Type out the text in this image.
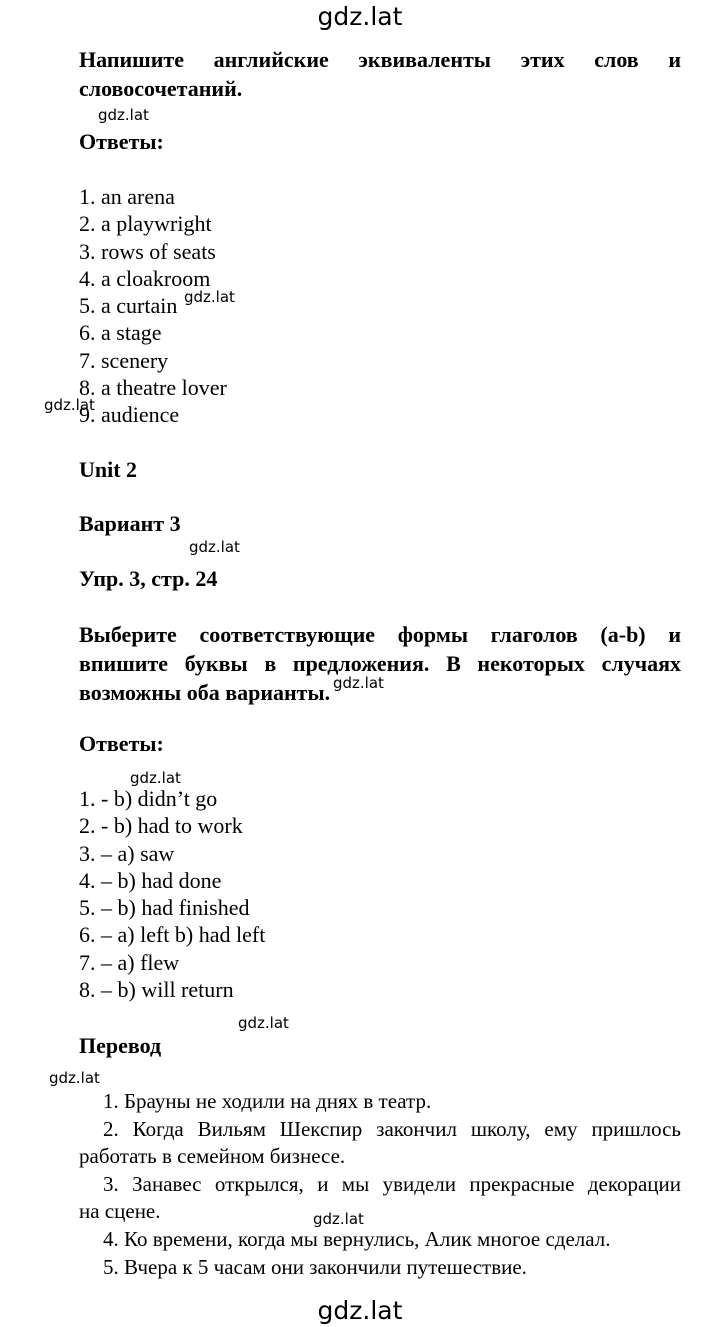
gdz.lat
gdz.lat
gdz.lat
gdz.lat
gdz.lat
gdz.lat
gdz.lat
gdz.lat
gdz.lat
gdz.lat
gdz.lat
Напишите английские эквиваленты этих слов и
словосочетаний.
Ответы:
1. an arena
2. a playwright
3. rows of seats
4. a cloakroom
5. a curtain
6. a stage
7. scenery
8. a theatre lover
9. audience
Unit 2
Вариант 3
Упр. 3, стр. 24
Выберите соответствующие формы глаголов (a-b) и
впишите буквы в предложения. В некоторых случаях
возможны оба варианты.
Ответы:
1. - b) didn’t go
2. - b) had to work
3. – a) saw
4. – b) had done
5. – b) had finished
6. – a) left b) had left
7. – a) flew
8. – b) will return
Перевод
1. Брауны не ходили на днях в театр.
2. Когда Вильям Шекспир закончил школу, ему пришлось
работать в семейном бизнесе.
3. Занавес открылся, и мы увидели прекрасные декорации
на сцене.
4. Ко времени, когда мы вернулись, Алик многое сделал.
5. Вчера к 5 часам они закончили путешествие.
